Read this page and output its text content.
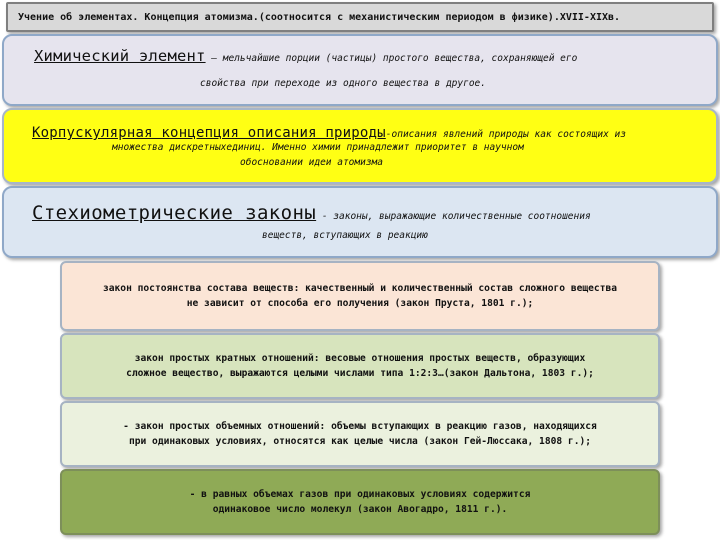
Учение об элементах. Концепция атомизма.(соотносится с механистическим периодом в физике).XVII-XIXв.
Химический элемент – мельчайшие порции (частицы) простого вещества, сохраняющей его
свойства при переходе из одного вещества в другое.
Корпускулярная концепция описания природы-описания явлений природы как состоящих из
множества дискретныхединиц. Именно химии принадлежит приоритет в научном
обосновании идеи атомизма
Стехиометрические законы - законы, выражающие количественные соотношения
веществ, вступающих в реакцию
закон постоянства состава веществ: качественный и количественный состав сложного вещества
не зависит от способа его получения (закон Пруста, 1801 г.);
закон простых кратных отношений: весовые отношения простых веществ, образующих
сложное вещество, выражаются целыми числами типа 1:2:3…(закон Дальтона, 1803 г.);
- закон простых объемных отношений: объемы вступающих в реакцию газов, находящихся
при одинаковых условиях, относятся как целые числа (закон Гей-Люссака, 1808 г.);
- в равных объемах газов при одинаковых условиях содержится
одинаковое число молекул (закон Авогадро, 1811 г.).
